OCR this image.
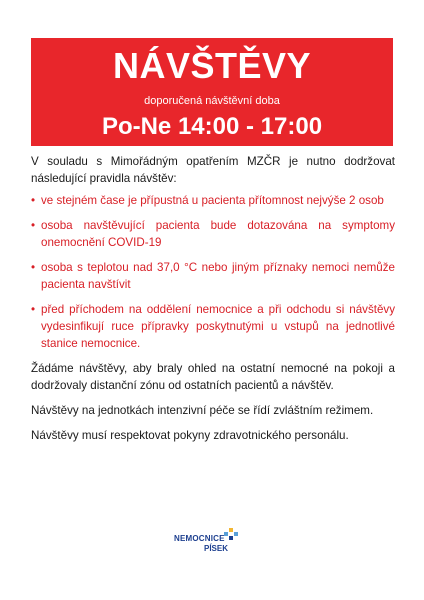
NÁVŠTĚVY
doporučená návštěvní doba
Po-Ne 14:00 - 17:00

V souladu s Mimořádným opatřením MZČR je nutno dodržovat následující pravidla návštěv:

• ve stejném čase je přípustná u pacienta přítomnost nejvýše 2 osob
• osoba navštěvující pacienta bude dotazována na symptomy onemocnění COVID-19
• osoba s teplotou nad 37,0 °C nebo jiným příznaky nemoci nemůže pacienta navštívit
• před příchodem na oddělení nemocnice a při odchodu si návštěvy vydesinfikují ruce přípravky poskytnutými u vstupů na jednotlivé stanice nemocnice.

Žádáme návštěvy, aby braly ohled na ostatní nemocné na pokoji a dodržovaly distanční zónu od ostatních pacientů a návštěv.

Návštěvy na jednotkách intenzivní péče se řídí zvláštním režimem.

Návštěvy musí respektovat pokyny zdravotnického personálu.

NEMOCNICE
PÍSEK
